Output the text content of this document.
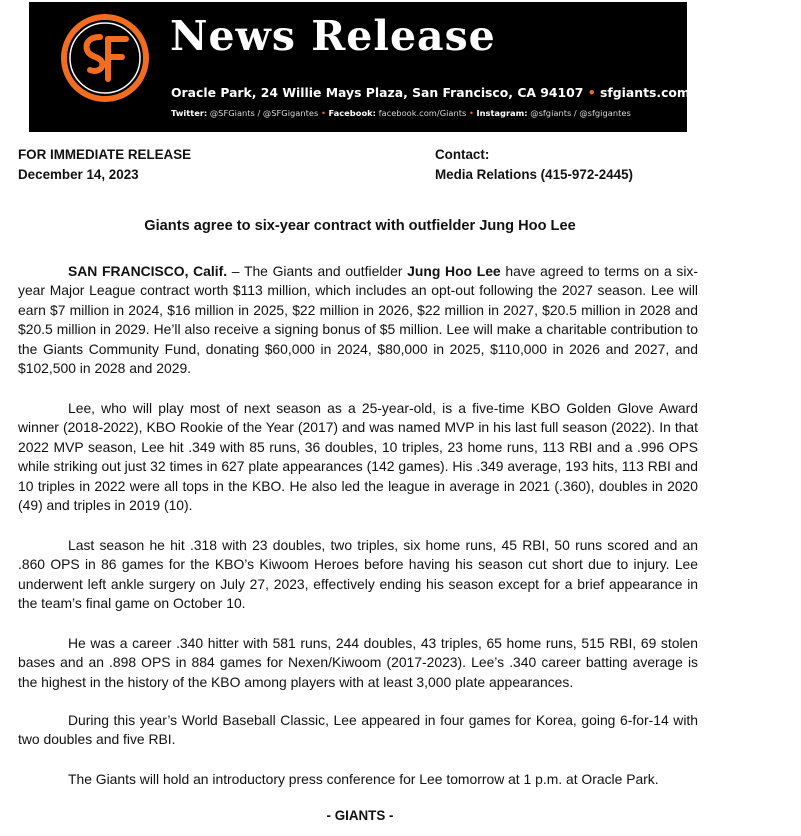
News Release
Oracle Park, 24 Willie Mays Plaza, San Francisco, CA 94107 • sfgiants.com/sfgigantes.com
Twitter: @SFGiants / @SFGigantes • Facebook: facebook.com/Giants • Instagram: @sfgiants / @sfgigantes
FOR IMMEDIATE RELEASE
December 14, 2023
Contact:
Media Relations (415-972-2445)
Giants agree to six-year contract with outfielder Jung Hoo Lee
SAN FRANCISCO, Calif. – The Giants and outfielder Jung Hoo Lee have agreed to terms on a six-year Major League contract worth $113 million, which includes an opt-out following the 2027 season. Lee will earn $7 million in 2024, $16 million in 2025, $22 million in 2026, $22 million in 2027, $20.5 million in 2028 and $20.5 million in 2029. He’ll also receive a signing bonus of $5 million. Lee will make a charitable contribution to the Giants Community Fund, donating $60,000 in 2024, $80,000 in 2025, $110,000 in 2026 and 2027, and $102,500 in 2028 and 2029.
Lee, who will play most of next season as a 25-year-old, is a five-time KBO Golden Glove Award winner (2018-2022), KBO Rookie of the Year (2017) and was named MVP in his last full season (2022). In that 2022 MVP season, Lee hit .349 with 85 runs, 36 doubles, 10 triples, 23 home runs, 113 RBI and a .996 OPS while striking out just 32 times in 627 plate appearances (142 games). His .349 average, 193 hits, 113 RBI and 10 triples in 2022 were all tops in the KBO. He also led the league in average in 2021 (.360), doubles in 2020 (49) and triples in 2019 (10).
Last season he hit .318 with 23 doubles, two triples, six home runs, 45 RBI, 50 runs scored and an .860 OPS in 86 games for the KBO’s Kiwoom Heroes before having his season cut short due to injury. Lee underwent left ankle surgery on July 27, 2023, effectively ending his season except for a brief appearance in the team’s final game on October 10.
He was a career .340 hitter with 581 runs, 244 doubles, 43 triples, 65 home runs, 515 RBI, 69 stolen bases and an .898 OPS in 884 games for Nexen/Kiwoom (2017-2023). Lee’s .340 career batting average is the highest in the history of the KBO among players with at least 3,000 plate appearances.
During this year’s World Baseball Classic, Lee appeared in four games for Korea, going 6-for-14 with two doubles and five RBI.
The Giants will hold an introductory press conference for Lee tomorrow at 1 p.m. at Oracle Park.
- GIANTS -
